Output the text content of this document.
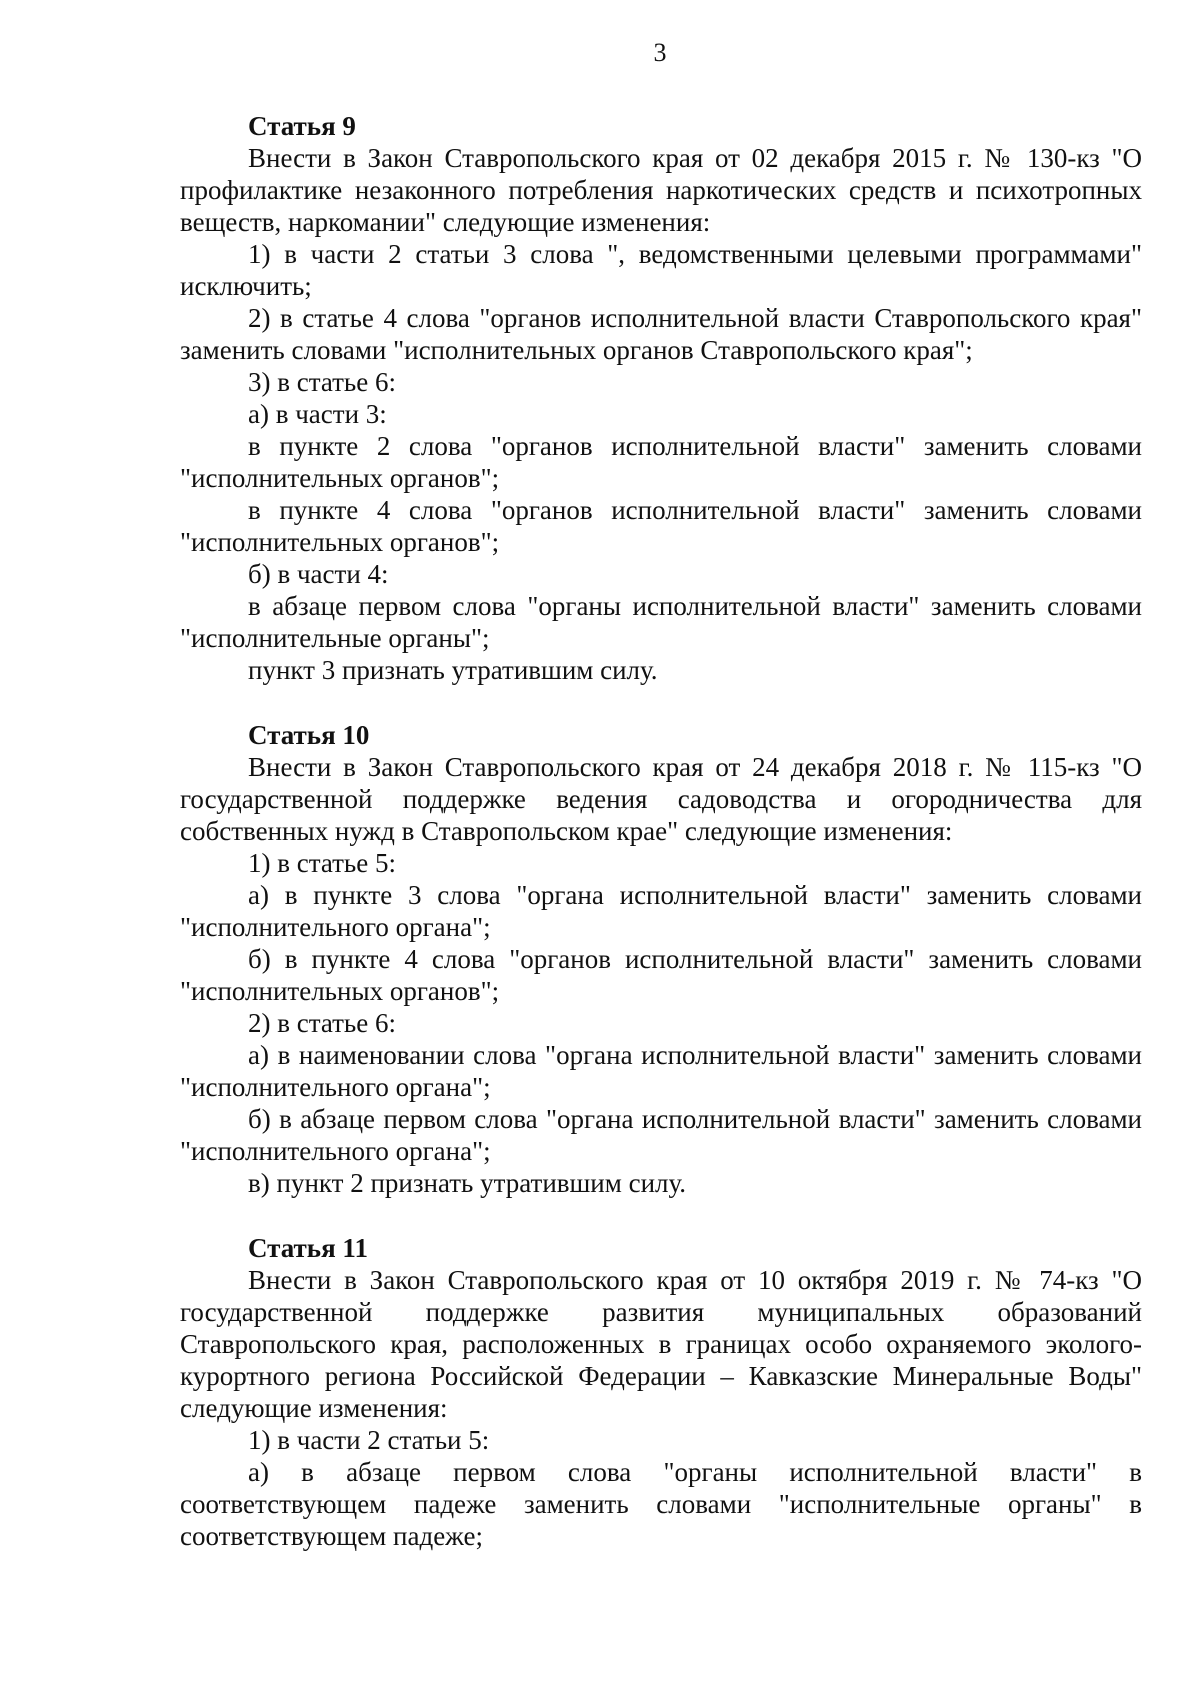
3

Статья 9

Внести в Закон Ставропольского края от 02 декабря 2015 г. № 130-кз "О профилактике незаконного потребления наркотических средств и психотропных веществ, наркомании" следующие изменения:

1) в части 2 статьи 3 слова ", ведомственными целевыми программами" исключить;

2) в статье 4 слова "органов исполнительной власти Ставропольского края" заменить словами "исполнительных органов Ставропольского края";

3) в статье 6:

а) в части 3:

в пункте 2 слова "органов исполнительной власти" заменить словами "исполнительных органов";

в пункте 4 слова "органов исполнительной власти" заменить словами "исполнительных органов";

б) в части 4:

в абзаце первом слова "органы исполнительной власти" заменить словами "исполнительные органы";

пункт 3 признать утратившим силу.

Статья 10

Внести в Закон Ставропольского края от 24 декабря 2018 г. № 115-кз "О государственной поддержке ведения садоводства и огородничества для собственных нужд в Ставропольском крае" следующие изменения:

1) в статье 5:

а) в пункте 3 слова "органа исполнительной власти" заменить словами "исполнительного органа";

б) в пункте 4 слова "органов исполнительной власти" заменить словами "исполнительных органов";

2) в статье 6:

а) в наименовании слова "органа исполнительной власти" заменить словами "исполнительного органа";

б) в абзаце первом слова "органа исполнительной власти" заменить словами "исполнительного органа";

в) пункт 2 признать утратившим силу.

Статья 11

Внести в Закон Ставропольского края от 10 октября 2019 г. № 74-кз "О государственной поддержке развития муниципальных образований Ставропольского края, расположенных в границах особо охраняемого эколого-курортного региона Российской Федерации – Кавказские Минеральные Воды" следующие изменения:

1) в части 2 статьи 5:

а) в абзаце первом слова "органы исполнительной власти" в соответствующем падеже заменить словами "исполнительные органы" в соответствующем падеже;
